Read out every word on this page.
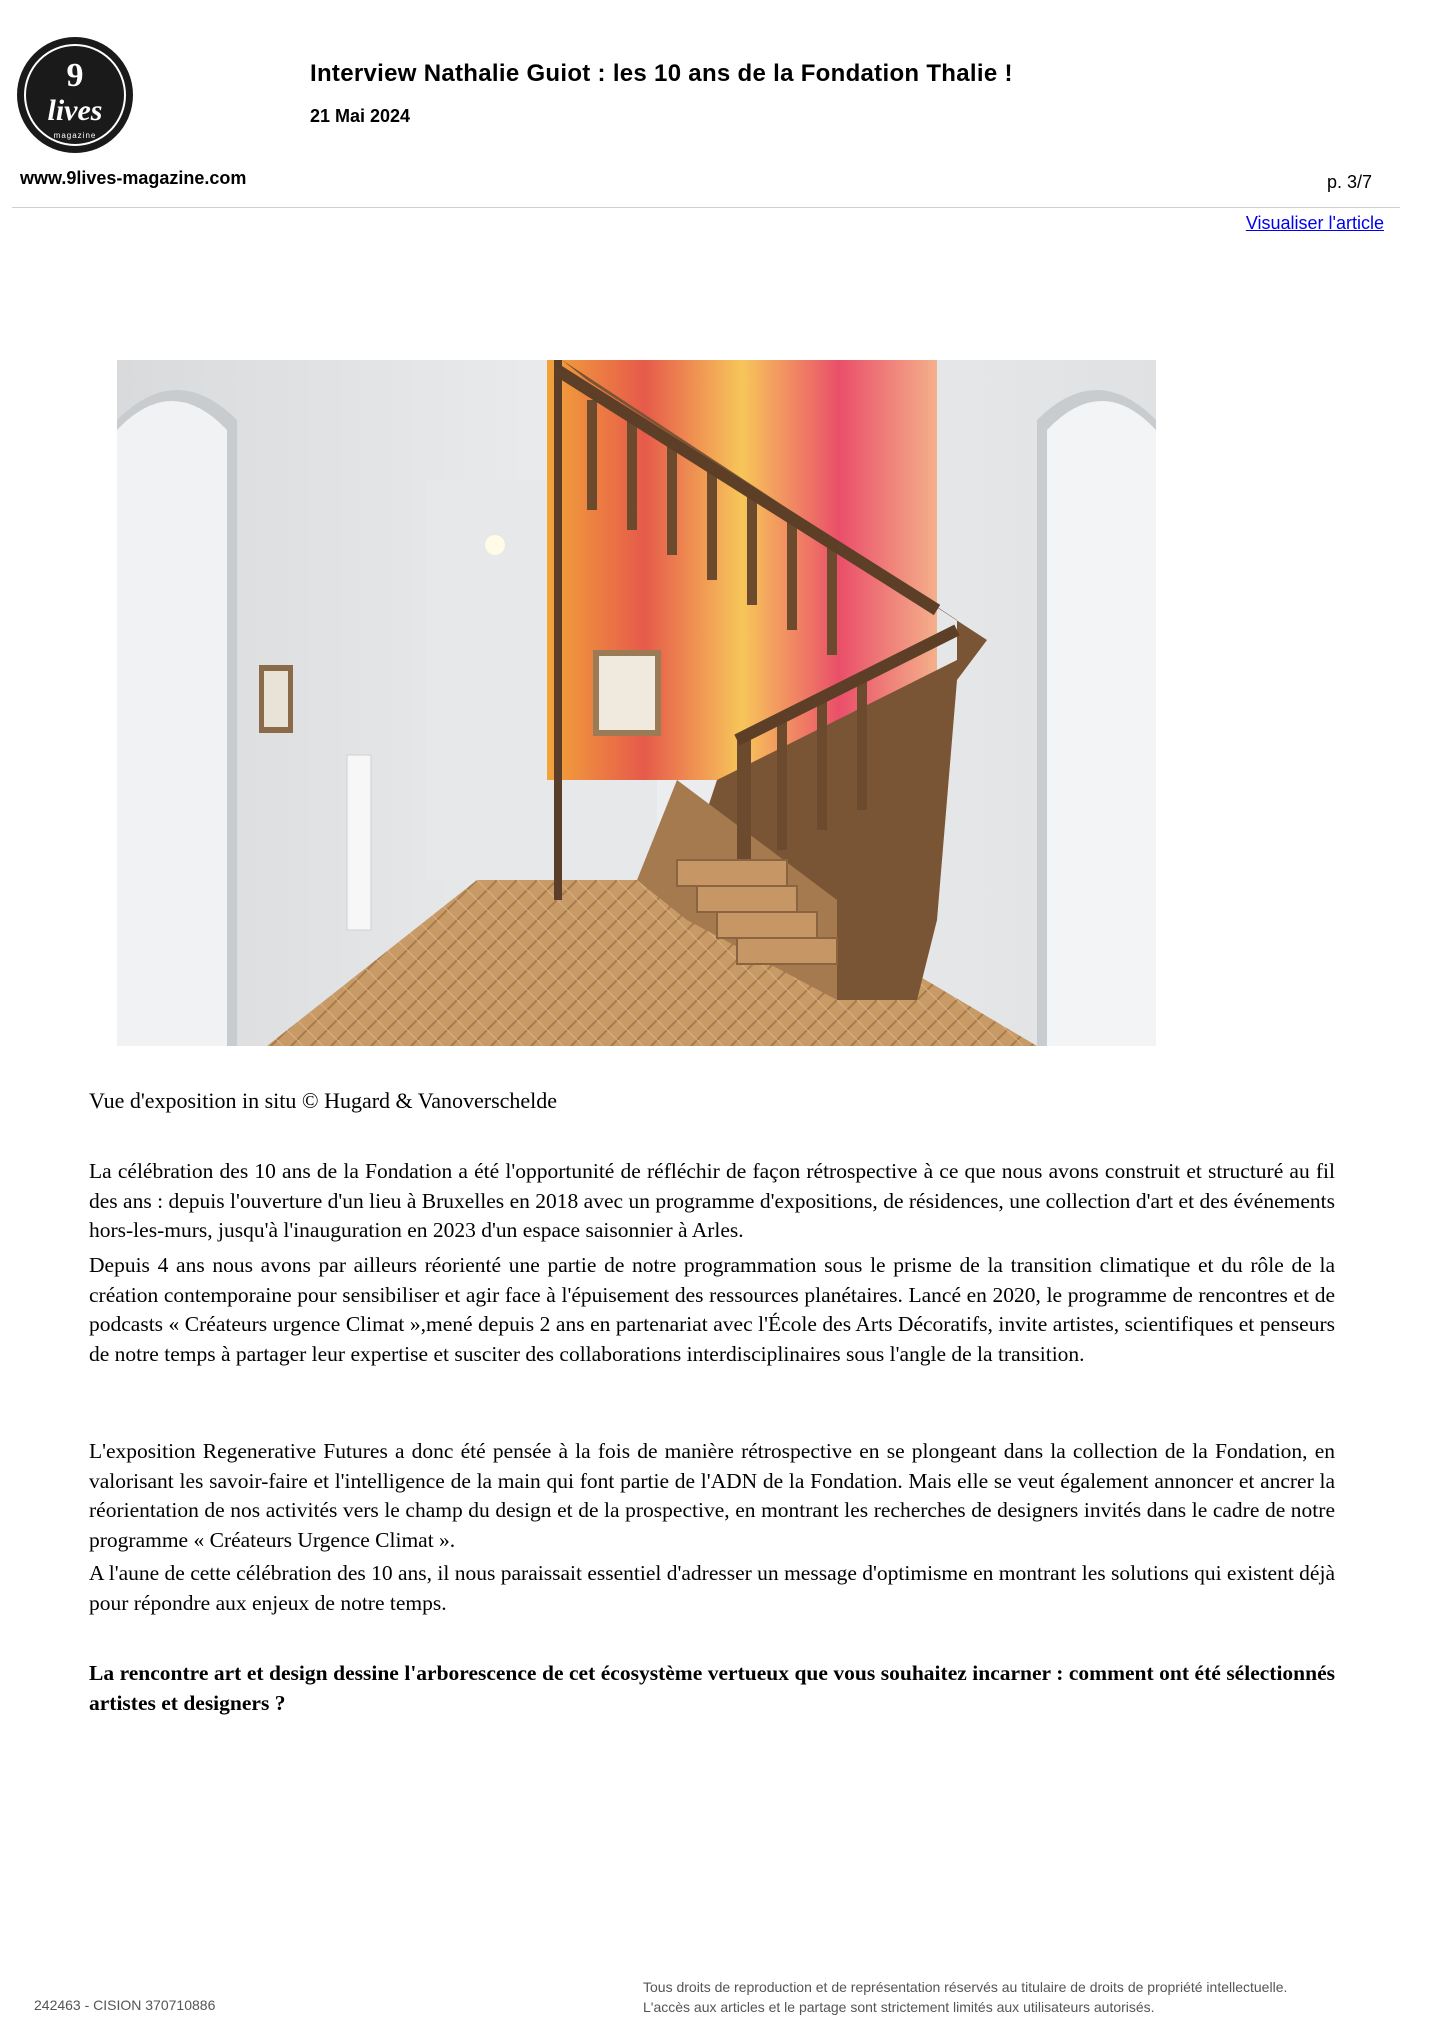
9
lives
magazine
Interview Nathalie Guiot : les 10 ans de la Fondation Thalie !
21 Mai 2024
www.9lives-magazine.com	p. 3/7
Visualiser l'article
Vue d'exposition in situ © Hugard & Vanoverschelde

La célébration des 10 ans de la Fondation a été l'opportunité de réfléchir de façon rétrospective à ce que nous avons construit et structuré au fil des ans : depuis l'ouverture d'un lieu à Bruxelles en 2018 avec un programme d'expositions, de résidences, une collection d'art et des événements hors-les-murs, jusqu'à l'inauguration en 2023 d'un espace saisonnier à Arles.

Depuis 4 ans nous avons par ailleurs réorienté une partie de notre programmation sous le prisme de la transition climatique et du rôle de la création contemporaine pour sensibiliser et agir face à l'épuisement des ressources planétaires. Lancé en 2020, le programme de rencontres et de podcasts « Créateurs urgence Climat »,mené depuis 2 ans en partenariat avec l'École des Arts Décoratifs, invite artistes, scientifiques et penseurs de notre temps à partager leur expertise et susciter des collaborations interdisciplinaires sous l'angle de la transition.

L'exposition Regenerative Futures a donc été pensée à la fois de manière rétrospective en se plongeant dans la collection de la Fondation, en valorisant les savoir-faire et l'intelligence de la main qui font partie de l'ADN de la Fondation. Mais elle se veut également annoncer et ancrer la réorientation de nos activités vers le champ du design et de la prospective, en montrant les recherches de designers invités dans le cadre de notre programme « Créateurs Urgence Climat ».

A l'aune de cette célébration des 10 ans, il nous paraissait essentiel d'adresser un message d'optimisme en montrant les solutions qui existent déjà pour répondre aux enjeux de notre temps.

La rencontre art et design dessine l'arborescence de cet écosystème vertueux que vous souhaitez incarner : comment ont été sélectionnés artistes et designers ?

242463 - CISION 370710886
Tous droits de reproduction et de représentation réservés au titulaire de droits de propriété intellectuelle.
L'accès aux articles et le partage sont strictement limités aux utilisateurs autorisés.
